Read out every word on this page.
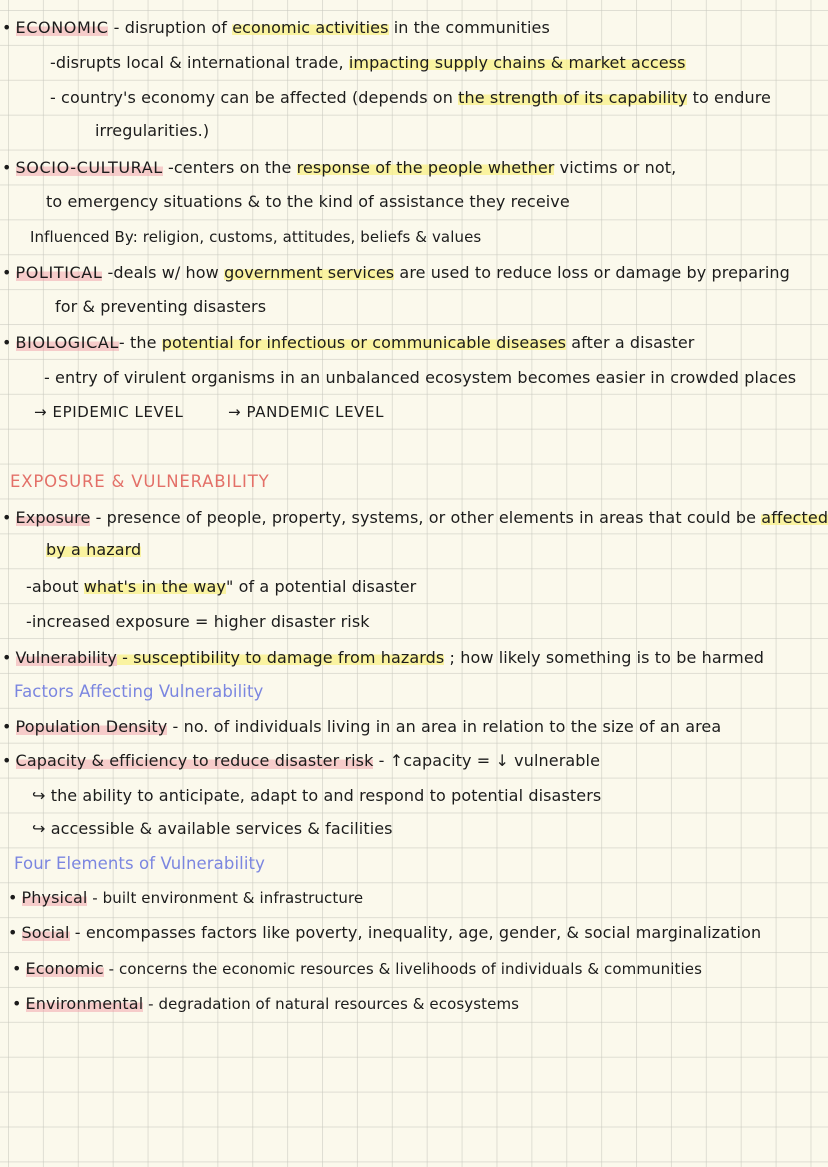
• ECONOMIC - disruption of economic activities in the communities
-disrupts local & international trade, impacting supply chains & market access
- country's economy can be affected (depends on the strength of its capability to endure
irregularities.)
• SOCIO-CULTURAL -centers on the response of the people whether victims or not,
to emergency situations & to the kind of assistance they receive
Influenced By: religion, customs, attitudes, beliefs & values
• POLITICAL -deals w/ how government services are used to reduce loss or damage by preparing
for & preventing disasters
• BIOLOGICAL- the potential for infectious or communicable diseases after a disaster
- entry of virulent organisms in an unbalanced ecosystem becomes easier in crowded places
→ EPIDEMIC LEVEL	→ PANDEMIC LEVEL
EXPOSURE & VULNERABILITY
• Exposure - presence of people, property, systems, or other elements in areas that could be affected
by a hazard
-about what's in the way" of a potential disaster
-increased exposure = higher disaster risk
• Vulnerability - susceptibility to damage from hazards ; how likely something is to be harmed
Factors Affecting Vulnerability
• Population Density - no. of individuals living in an area in relation to the size of an area
• Capacity & efficiency to reduce disaster risk - ↑capacity = ↓ vulnerable
↪ the ability to anticipate, adapt to and respond to potential disasters
↪ accessible & available services & facilities
Four Elements of Vulnerability
• Physical - built environment & infrastructure
• Social - encompasses factors like poverty, inequality, age, gender, & social marginalization
• Economic - concerns the economic resources & livelihoods of individuals & communities
• Environmental - degradation of natural resources & ecosystems
